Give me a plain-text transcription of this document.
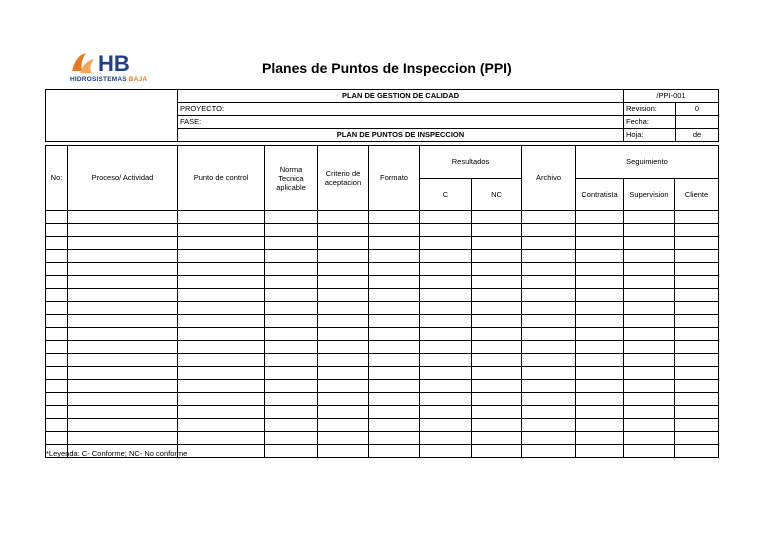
HB
HIDROSISTEMAS BAJA
Planes de Puntos de Inspeccion (PPI)
	PLAN DE GESTION DE CALIDAD	/PPI-001	
	PROYECTO:	Revision:	0
	FASE:	Fecha:	
	PLAN DE PUNTOS DE INSPECCION	Hoja:	de
No:	Proceso/ Actividad	Punto de control	Norma Tecnica aplicable	Criterio de aceptacion	Formato	Resultados		Archivo	Seguimiento		
						C	NC		Contratista	Supervision	Cliente

*Leyenda: C- Conforme; NC- No conforme
